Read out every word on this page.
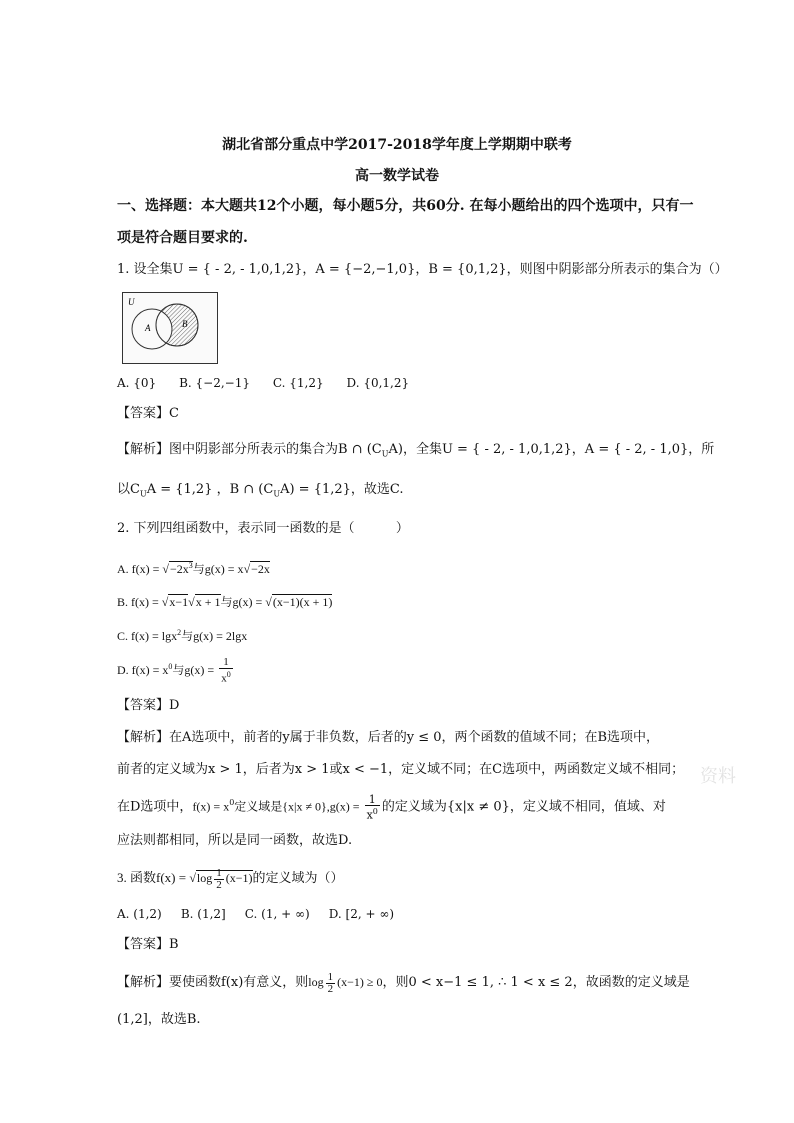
湖北省部分重点中学2017-2018学年度上学期期中联考
高一数学试卷
一、选择题：本大题共12个小题，每小题5分，共60分. 在每小题给出的四个选项中，只有一
项是符合题目要求的.
1. 设全集U = { - 2, - 1,0,1,2}，A = {−2,−1,0}，B = {0,1,2}，则图中阴影部分所表示的集合为（）
U
A	B
A. {0}      B. {−2,−1}      C. {1,2}      D. {0,1,2}
【答案】C
【解析】图中阴影部分所表示的集合为B ∩ $(C_UA)$，全集U = { - 2, - 1,0,1,2}，A = { - 2, - 1,0}，所
以$C_UA = \{1,2\}$ ，B ∩ $(C_UA) = \{1,2\}$，故选C.
2. 下列四组函数中，表示同一函数的是（          ）
A. $f(x) = √-2x^3$与g(x) = x√−2x
B. f(x) = √x−1√x + 1与g(x) = √(x−1)(x + 1)
C. f(x) = lgx$^2$与g(x) = 2lgx
D. $f(x) = x^0$与$g(x) = \frac{1}{x^0}$
【答案】D
【解析】在A选项中，前者的y属于非负数，后者的y ≤ 0，两个函数的值域不同；在B选项中，
前者的定义域为x > 1，后者为x > 1或x < −1，定义域不同；在C选项中，两函数定义域不相同；
在D选项中，$f(x) = x^0$定义域是$\{x|x \ne 0\},g(x) = \frac{1}{x^0}$ 的定义域为{x|x ≠ 0}，定义域不相同，值域、对
应法则都相同，所以是同一函数，故选D.
3. 函数$f(x) = √\log \frac{1}{2} (x-1)$的定义域为（）
A. (1,2)     B. (1,2]     C. (1, + ∞)     D. [2, + ∞)
【答案】B
【解析】要使函数f(x)有意义，则$\log \frac{1}{2} (x-1) \ge 0$，则0 < x−1 ≤ 1, ∴ 1 < x ≤ 2，故函数的定义域是
(1,2]，故选B.
资料
